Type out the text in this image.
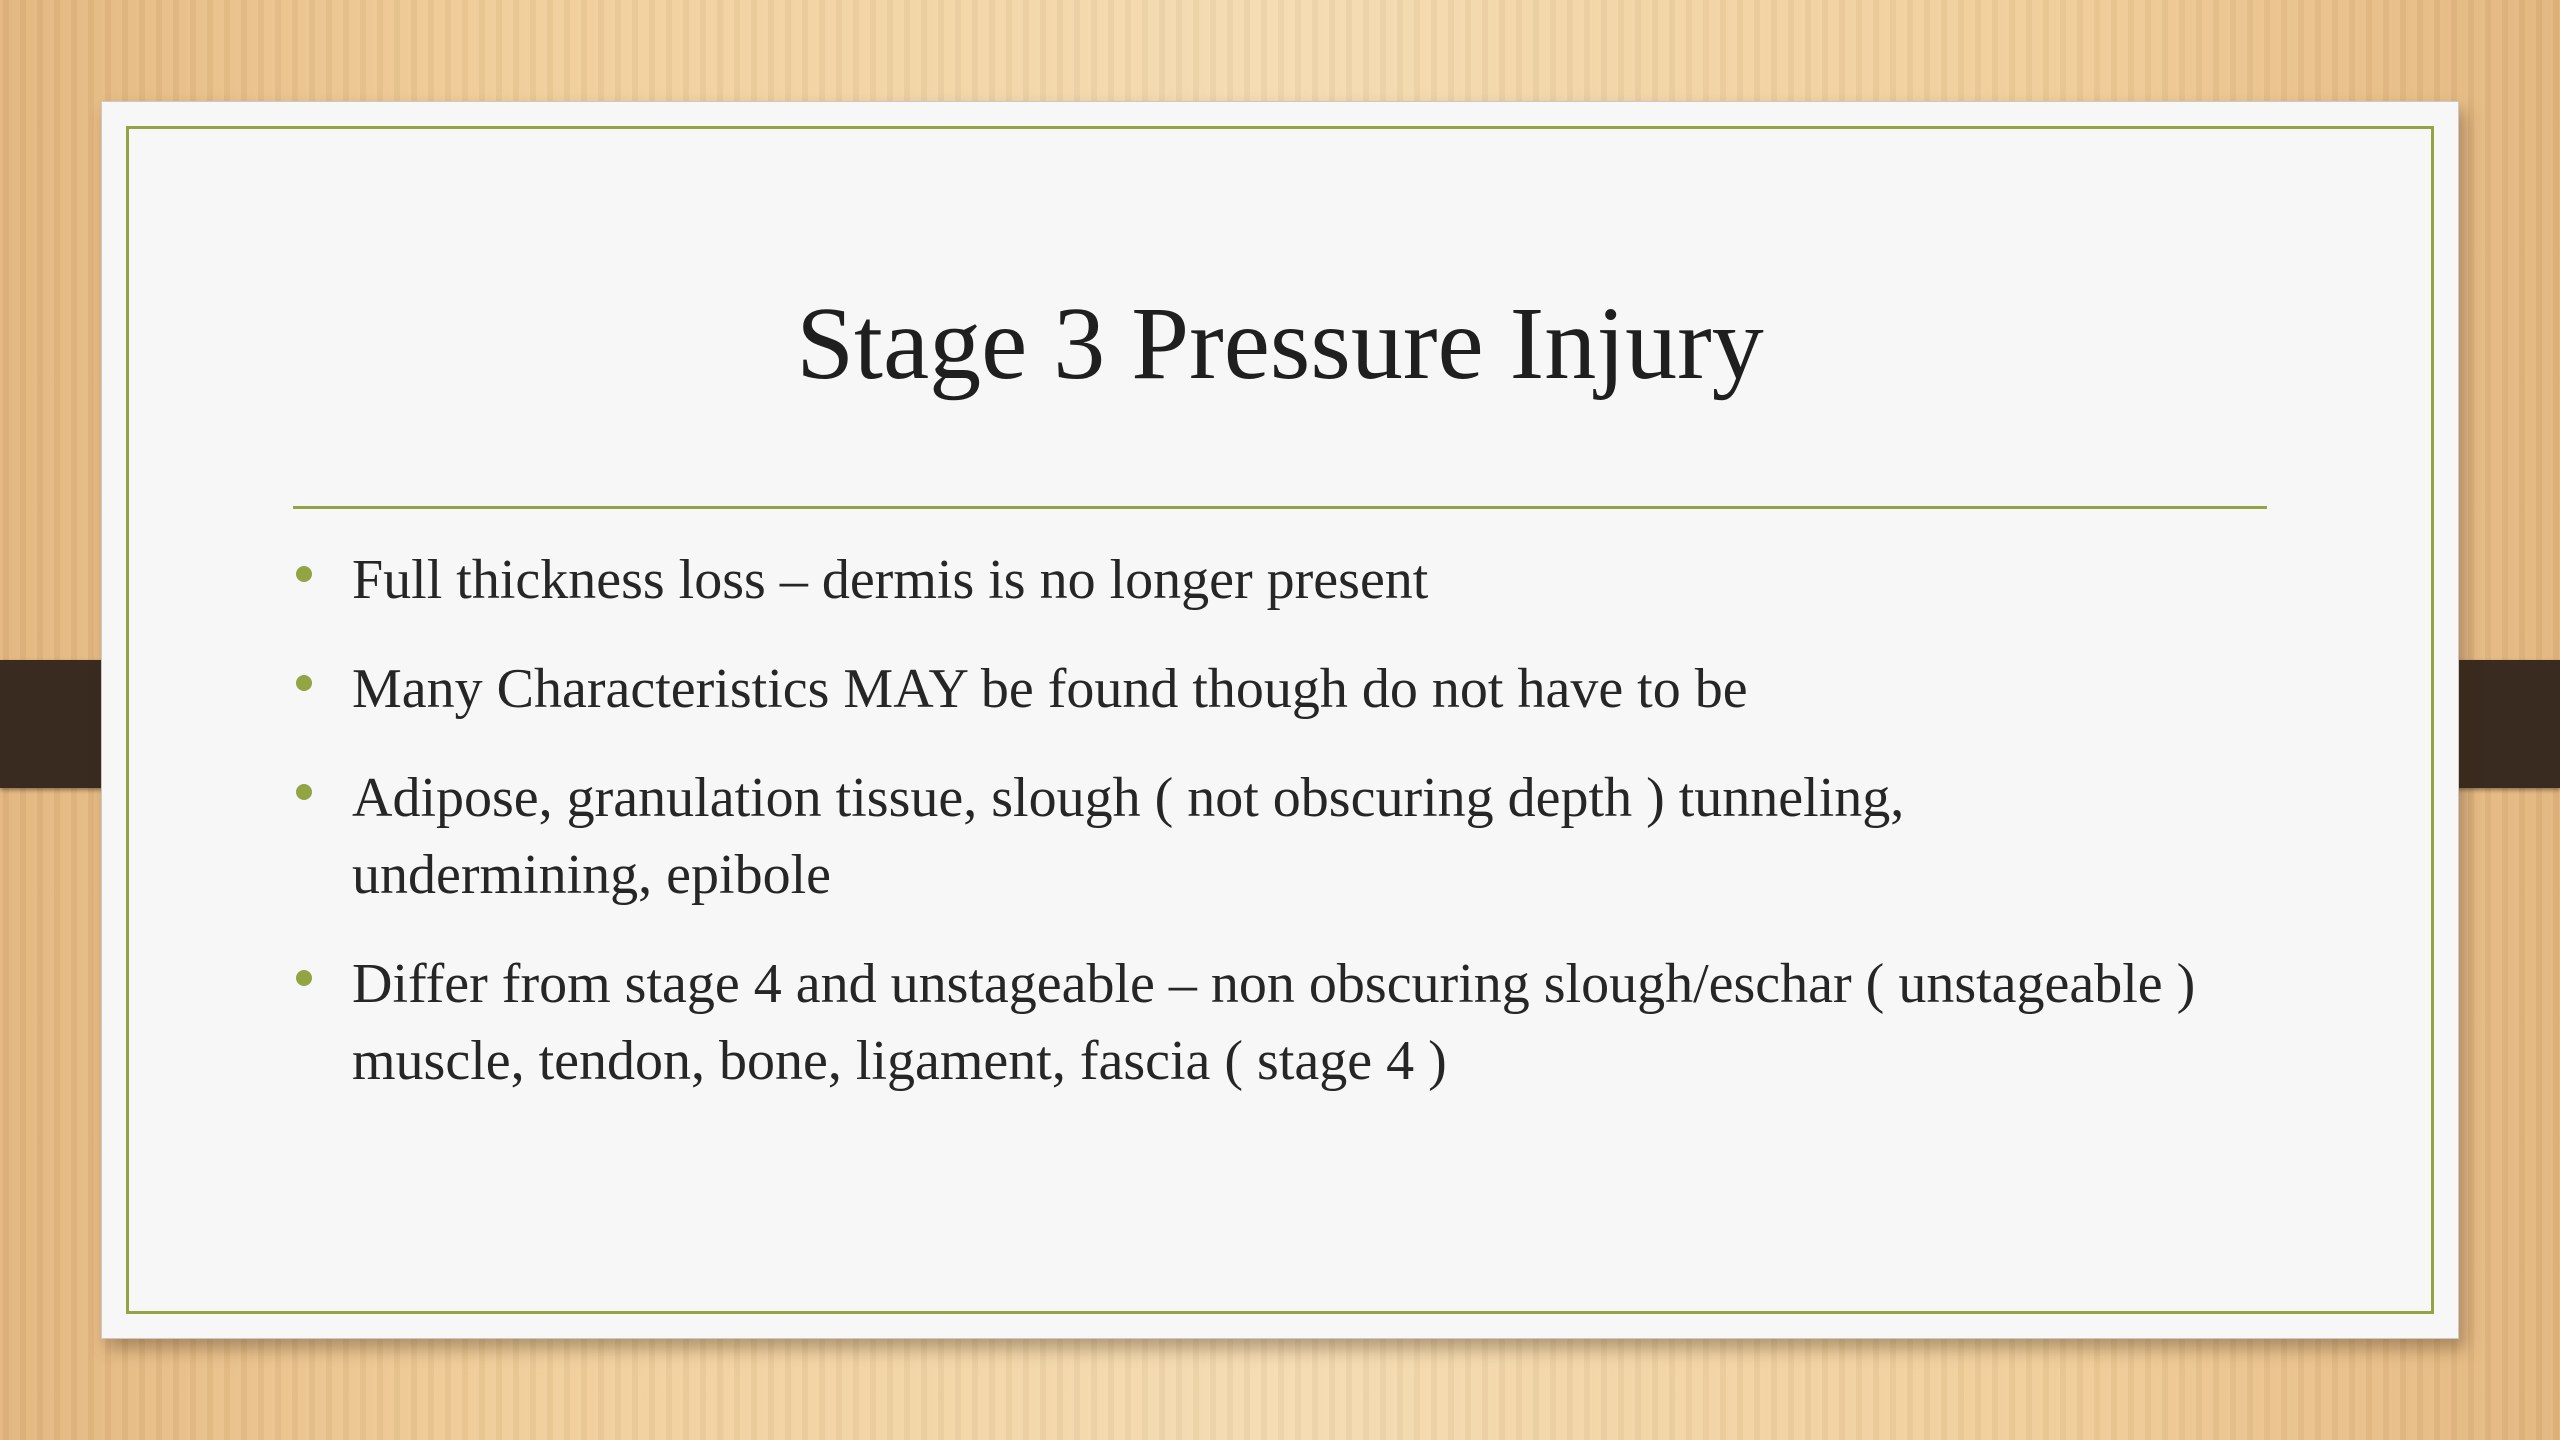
Stage 3 Pressure Injury
Full thickness loss – dermis is no longer present
Many Characteristics MAY be found though do not have to be
Adipose, granulation tissue, slough ( not obscuring depth ) tunneling, undermining, epibole
Differ from stage 4 and unstageable – non obscuring slough/eschar ( unstageable ) muscle, tendon, bone, ligament, fascia ( stage 4 )
